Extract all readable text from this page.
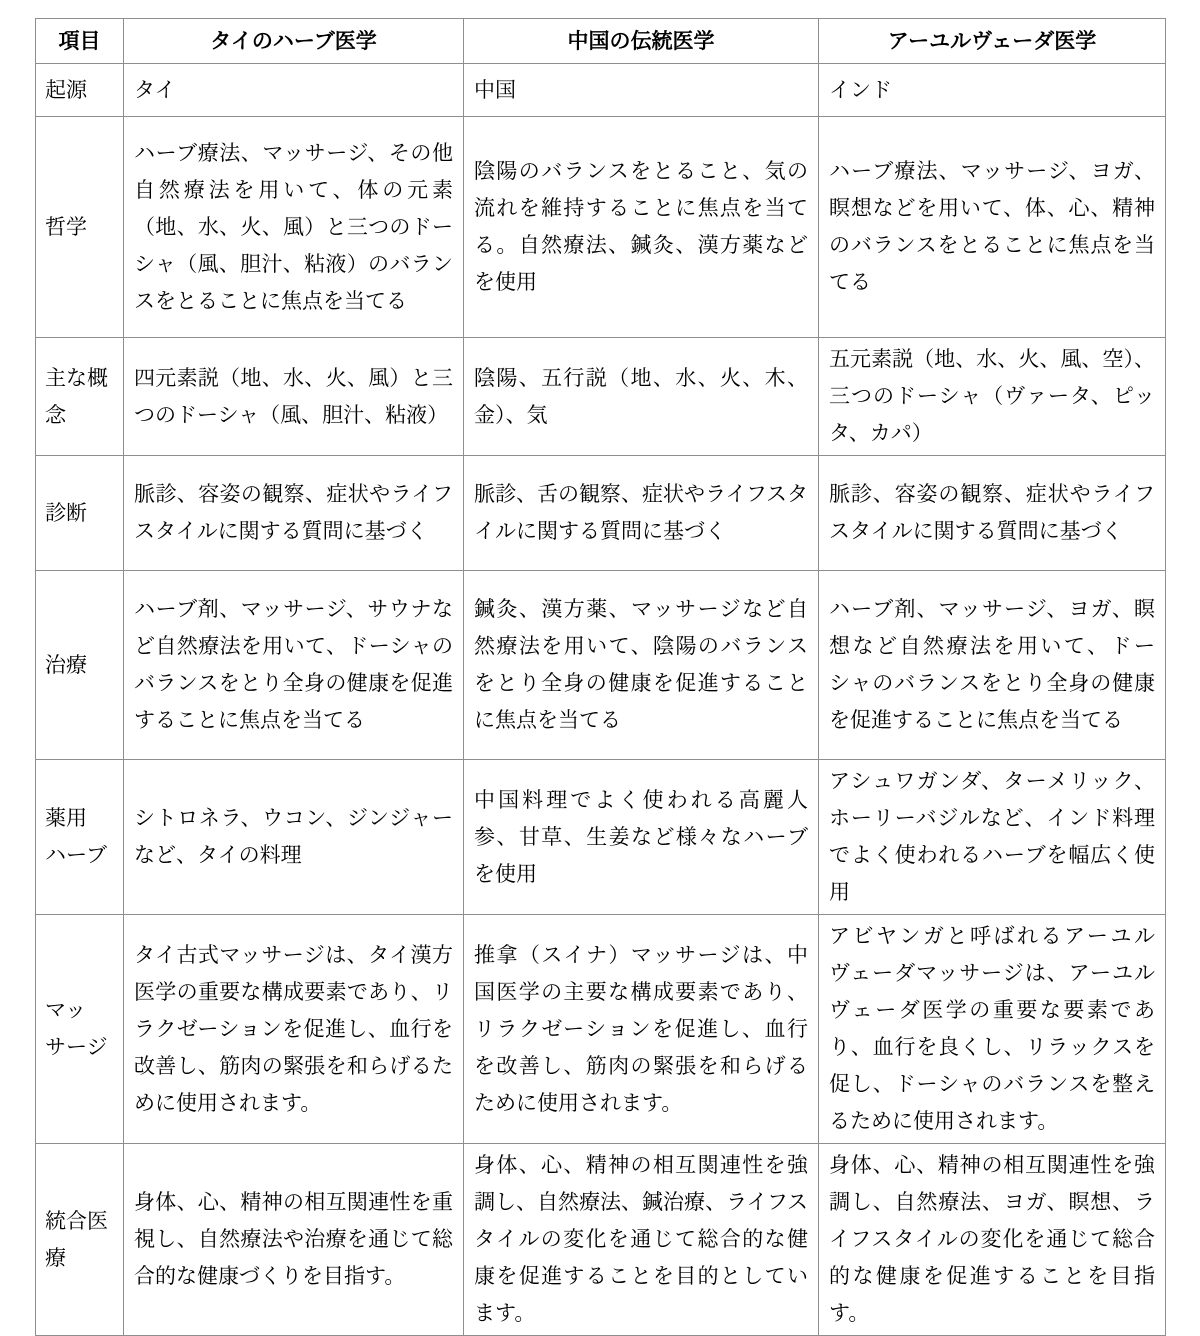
項目	タイのハーブ医学	中国の伝統医学	アーユルヴェーダ医学
起源	タイ	中国	インド
哲学	ハーブ療法、マッサージ、その他自然療法を用いて、体の元素（地、水、火、風）と三つのドーシャ（風、胆汁、粘液）のバランスをとることに焦点を当てる	陰陽のバランスをとること、気の流れを維持することに焦点を当てる。自然療法、鍼灸、漢方薬などを使用	ハーブ療法、マッサージ、ヨガ、瞑想などを用いて、体、心、精神のバランスをとることに焦点を当てる
主な概念	四元素説（地、水、火、風）と三つのドーシャ（風、胆汁、粘液）	陰陽、五行説（地、水、火、木、金）、気	五元素説（地、水、火、風、空）、三つのドーシャ（ヴァータ、ピッタ、カパ）
診断	脈診、容姿の観察、症状やライフスタイルに関する質問に基づく	脈診、舌の観察、症状やライフスタイルに関する質問に基づく	脈診、容姿の観察、症状やライフスタイルに関する質問に基づく
治療	ハーブ剤、マッサージ、サウナなど自然療法を用いて、ドーシャのバランスをとり全身の健康を促進することに焦点を当てる	鍼灸、漢方薬、マッサージなど自然療法を用いて、陰陽のバランスをとり全身の健康を促進することに焦点を当てる	ハーブ剤、マッサージ、ヨガ、瞑想など自然療法を用いて、ドーシャのバランスをとり全身の健康を促進することに焦点を当てる
薬用ハーブ	シトロネラ、ウコン、ジンジャーなど、タイの料理	中国料理でよく使われる高麗人参、甘草、生姜など様々なハーブを使用	アシュワガンダ、ターメリック、ホーリーバジルなど、インド料理でよく使われるハーブを幅広く使用
マッサージ	タイ古式マッサージは、タイ漢方医学の重要な構成要素であり、リラクゼーションを促進し、血行を改善し、筋肉の緊張を和らげるために使用されます。	推拿（スイナ）マッサージは、中国医学の主要な構成要素であり、リラクゼーションを促進し、血行を改善し、筋肉の緊張を和らげるために使用されます。	アビヤンガと呼ばれるアーユルヴェーダマッサージは、アーユルヴェーダ医学の重要な要素であり、血行を良くし、リラックスを促し、ドーシャのバランスを整えるために使用されます。
統合医療	身体、心、精神の相互関連性を重視し、自然療法や治療を通じて総合的な健康づくりを目指す。	身体、心、精神の相互関連性を強調し、自然療法、鍼治療、ライフスタイルの変化を通じて総合的な健康を促進することを目的としています。	身体、心、精神の相互関連性を強調し、自然療法、ヨガ、瞑想、ライフスタイルの変化を通じて総合的な健康を促進することを目指す。
